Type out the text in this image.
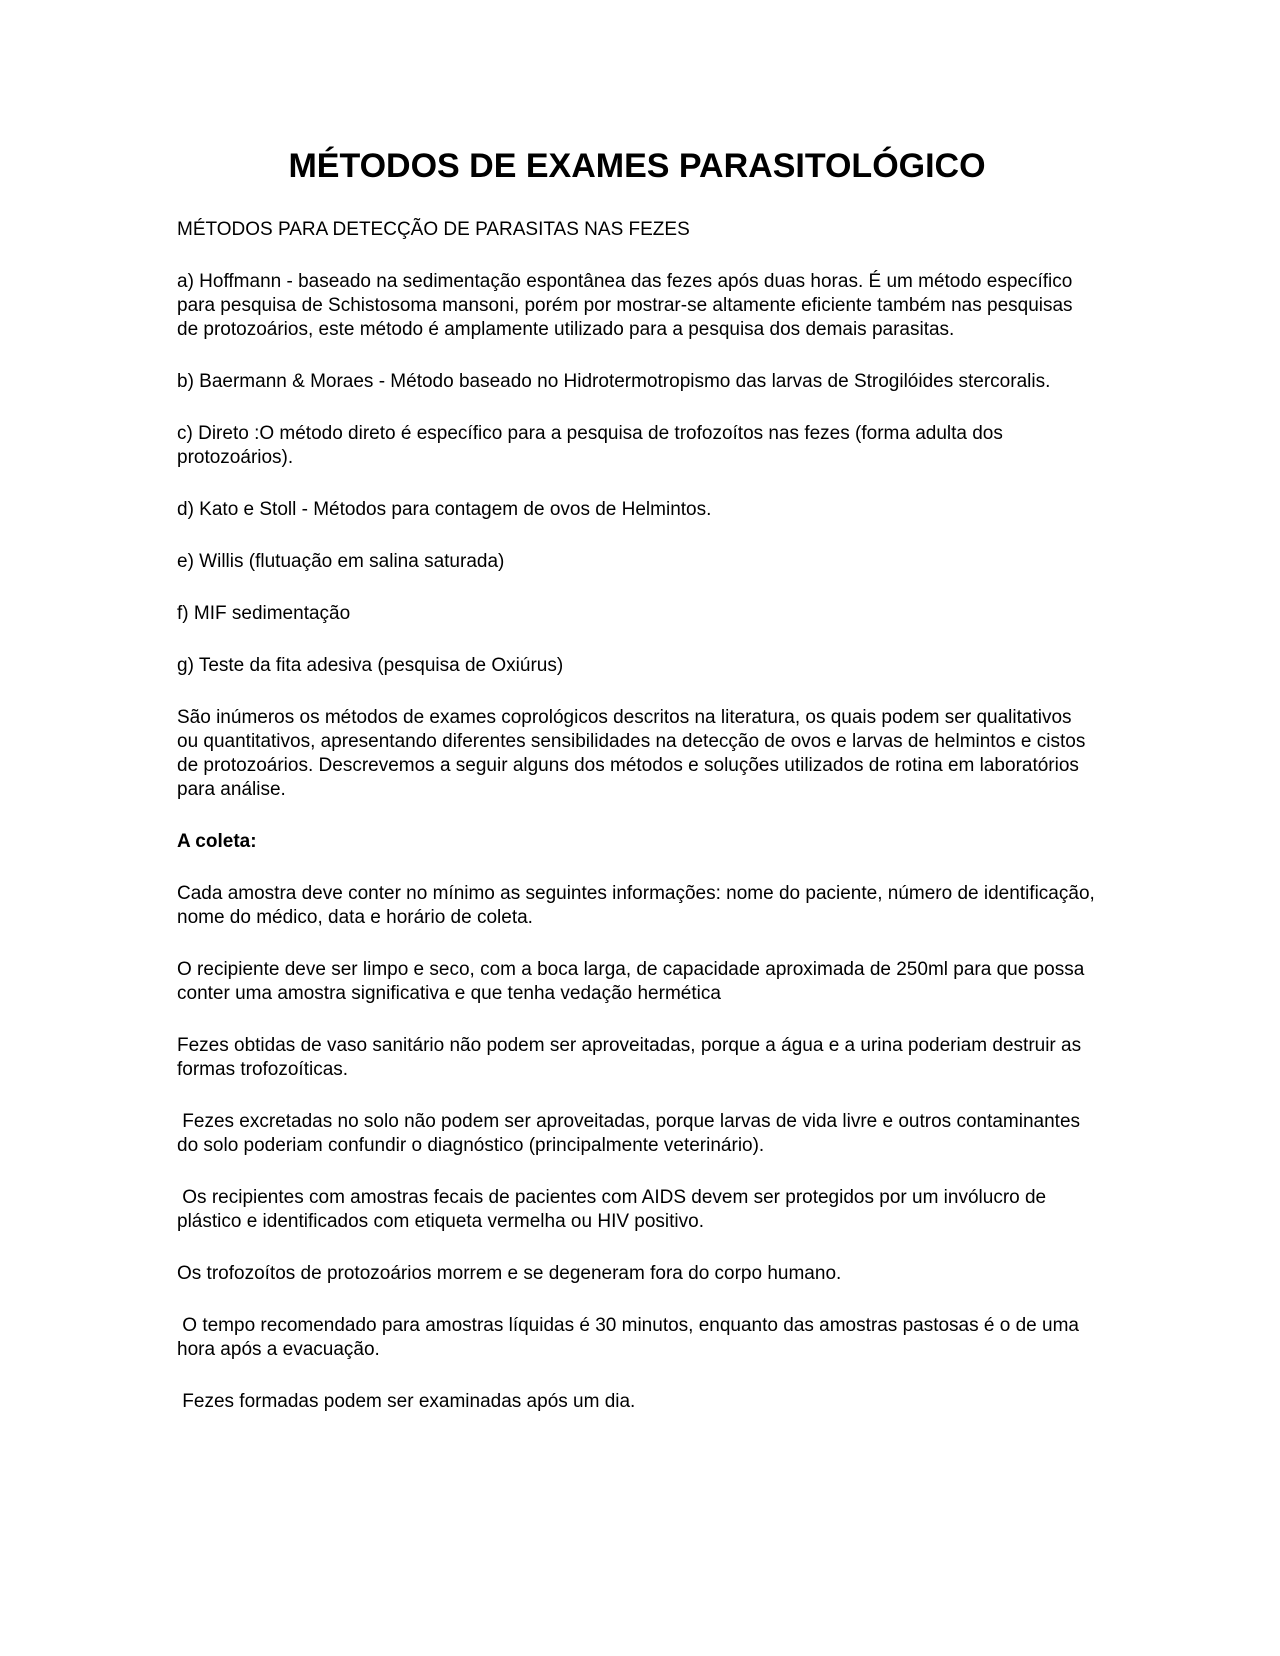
MÉTODOS DE EXAMES PARASITOLÓGICO

MÉTODOS PARA DETECÇÃO DE PARASITAS NAS FEZES

a) Hoffmann - baseado na sedimentação espontânea das fezes após duas horas. É um método específico para pesquisa de Schistosoma mansoni, porém por mostrar-se altamente eficiente também nas pesquisas de protozoários, este método é amplamente utilizado para a pesquisa dos demais parasitas.

b) Baermann & Moraes - Método baseado no Hidrotermotropismo das larvas de Strogilóides stercoralis.

c) Direto :O método direto é específico para a pesquisa de trofozoítos nas fezes (forma adulta dos protozoários).

d) Kato e Stoll - Métodos para contagem de ovos de Helmintos.

e) Willis (flutuação em salina saturada)

f) MIF sedimentação

g) Teste da fita adesiva (pesquisa de Oxiúrus)

São inúmeros os métodos de exames coprológicos descritos na literatura, os quais podem ser qualitativos ou quantitativos, apresentando diferentes sensibilidades na detecção de ovos e larvas de helmintos e cistos de protozoários. Descrevemos a seguir alguns dos métodos e soluções utilizados de rotina em laboratórios para análise.

A coleta:

Cada amostra deve conter no mínimo as seguintes informações: nome do paciente, número de identificação, nome do médico, data e horário de coleta.

O recipiente deve ser limpo e seco, com a boca larga, de capacidade aproximada de 250ml para que possa conter uma amostra significativa e que tenha vedação hermética

Fezes obtidas de vaso sanitário não podem ser aproveitadas, porque a água e a urina poderiam destruir as formas trofozoíticas.

Fezes excretadas no solo não podem ser aproveitadas, porque larvas de vida livre e outros contaminantes do solo poderiam confundir o diagnóstico (principalmente veterinário).

Os recipientes com amostras fecais de pacientes com AIDS devem ser protegidos por um invólucro de plástico e identificados com etiqueta vermelha ou HIV positivo.

Os trofozoítos de protozoários morrem e se degeneram fora do corpo humano.

O tempo recomendado para amostras líquidas é 30 minutos, enquanto das amostras pastosas é o de uma hora após a evacuação.

Fezes formadas podem ser examinadas após um dia.
